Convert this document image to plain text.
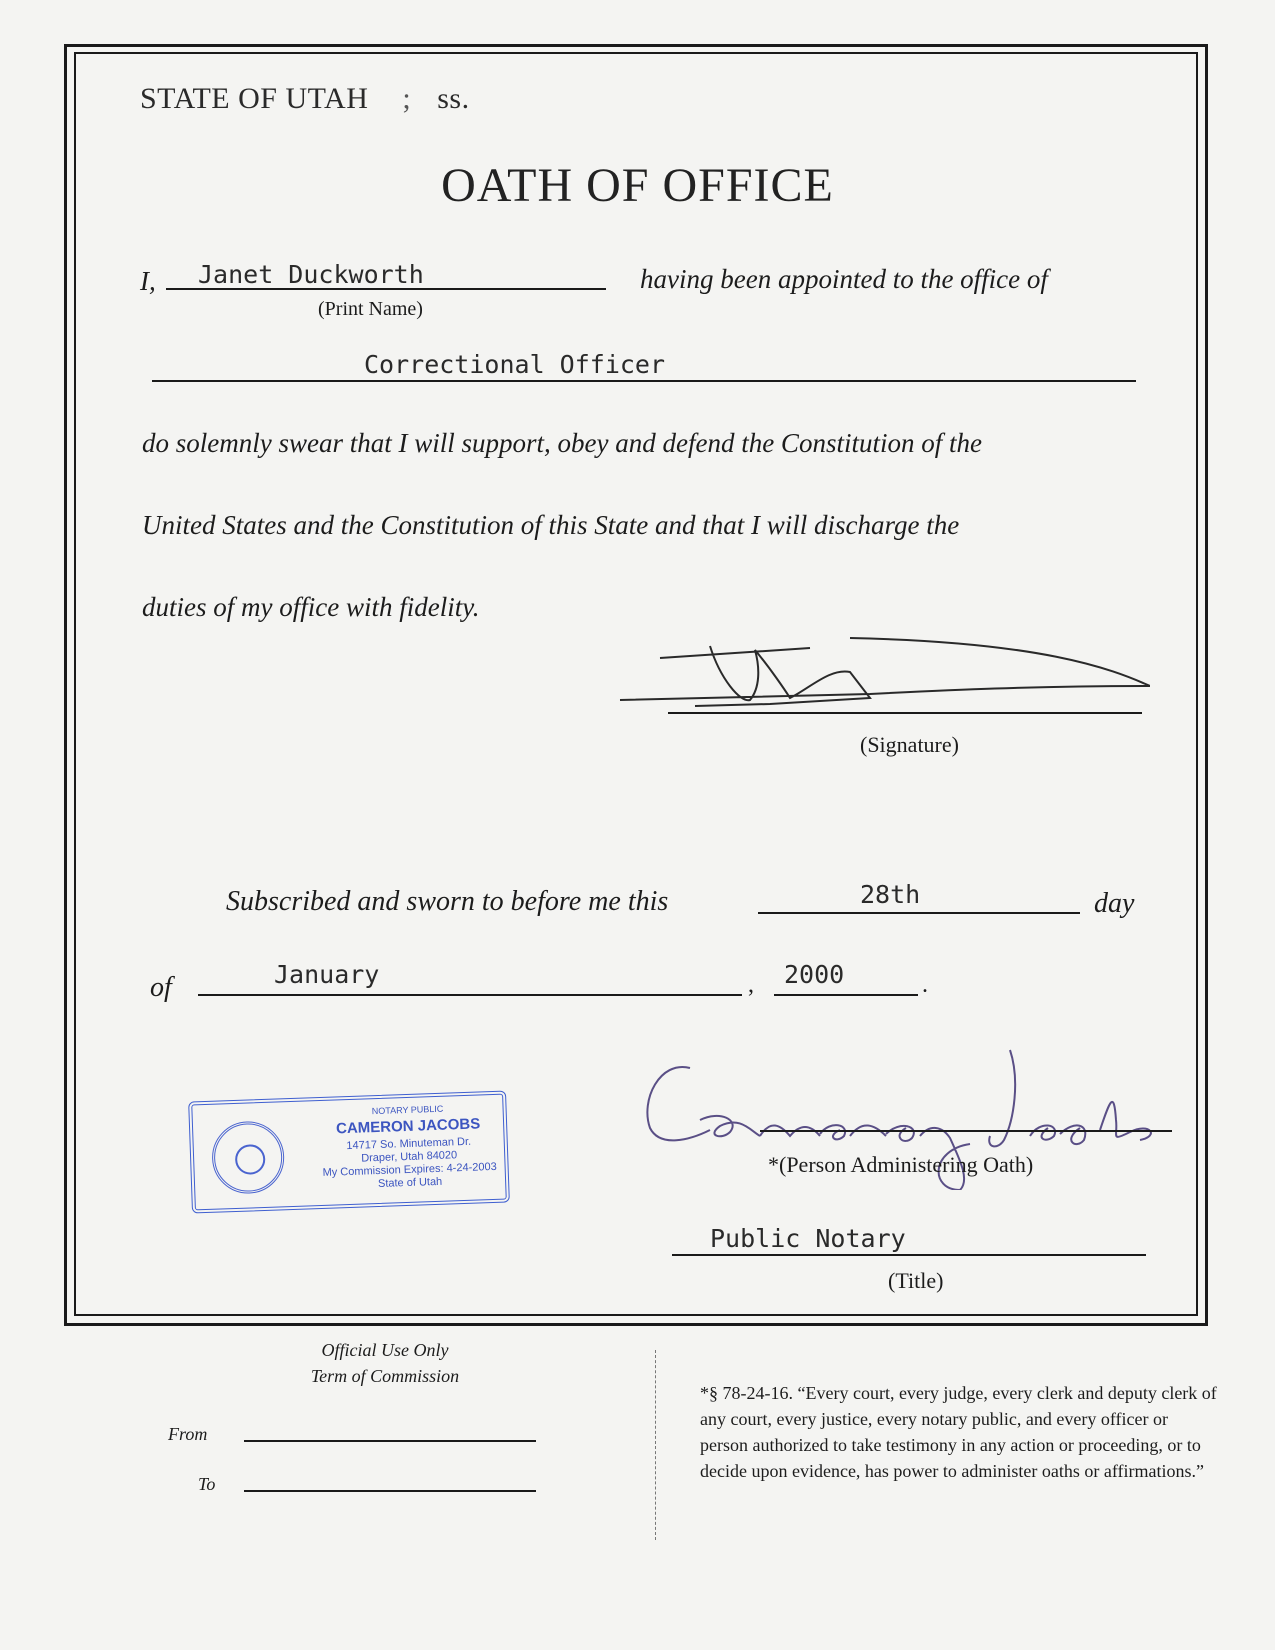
STATE OF UTAH ; ss.
OATH OF OFFICE
I, Janet Duckworth	having been appointed to the office of
(Print Name)
Correctional Officer
do solemnly swear that I will support, obey and defend the Constitution of the
United States and the Constitution of this State and that I will discharge the
duties of my office with fidelity.
(Signature)
Subscribed and sworn to before me this	28th	day
of	January	, 2000	.
NOTARY PUBLIC
CAMERON JACOBS
14717 So. Minuteman Dr.
Draper, Utah 84020
My Commission Expires: 4-24-2003
State of Utah
*(Person Administering Oath)
Public Notary
(Title)
Official Use Only
Term of Commission
From
To
*§ 78-24-16. “Every court, every judge, every clerk and deputy clerk of any court, every justice, every notary public, and every officer or person authorized to take testimony in any action or proceeding, or to decide upon evidence, has power to administer oaths or affirmations.”
